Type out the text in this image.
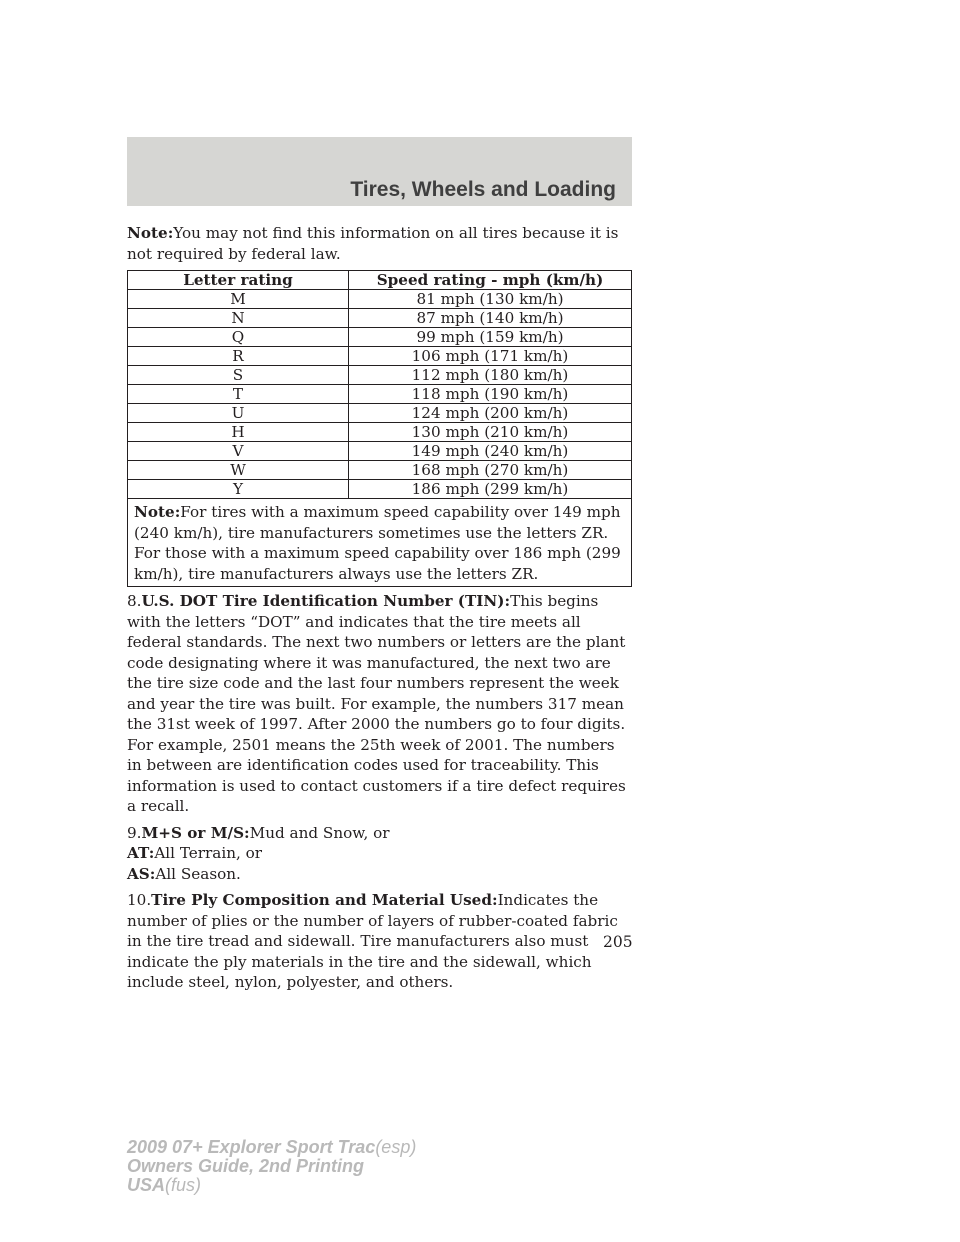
Tires, Wheels and Loading

Note:You may not find this information on all tires because it is not required by federal law.

Letter rating	Speed rating - mph (km/h)
M	81 mph (130 km/h)
N	87 mph (140 km/h)
Q	99 mph (159 km/h)
R	106 mph (171 km/h)
S	112 mph (180 km/h)
T	118 mph (190 km/h)
U	124 mph (200 km/h)
H	130 mph (210 km/h)
V	149 mph (240 km/h)
W	168 mph (270 km/h)
Y	186 mph (299 km/h)
Note:For tires with a maximum speed capability over 149 mph (240 km/h), tire manufacturers sometimes use the letters ZR. For those with a maximum speed capability over 186 mph (299 km/h), tire manufacturers always use the letters ZR.	

8.U.S. DOT Tire Identification Number (TIN):This begins with the letters “DOT” and indicates that the tire meets all federal standards. The next two numbers or letters are the plant code designating where it was manufactured, the next two are the tire size code and the last four numbers represent the week and year the tire was built. For example, the numbers 317 mean the 31st week of 1997. After 2000 the numbers go to four digits. For example, 2501 means the 25th week of 2001. The numbers in between are identification codes used for traceability. This information is used to contact customers if a tire defect requires a recall.

9.M+S or M/S:Mud and Snow, or
AT:All Terrain, or
AS:All Season.

10.Tire Ply Composition and Material Used:Indicates the number of plies or the number of layers of rubber-coated fabric in the tire tread and sidewall. Tire manufacturers also must indicate the ply materials in the tire and the sidewall, which include steel, nylon, polyester, and others.

205
2009 07+ Explorer Sport Trac(esp)
Owners Guide, 2nd Printing
USA(fus)
